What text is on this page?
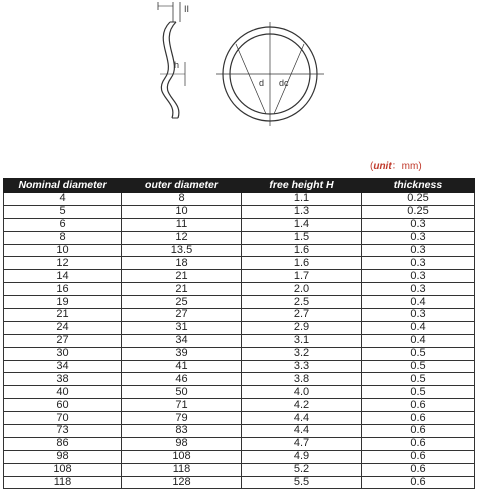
II
h
d dc
(unit：mm)
Nominal diameter	outer diameter	free height H	thickness
4	8	1.1	0.25
5	10	1.3	0.25
6	11	1.4	0.3
8	12	1.5	0.3
10	13.5	1.6	0.3
12	18	1.6	0.3
14	21	1.7	0.3
16	21	2.0	0.3
19	25	2.5	0.4
21	27	2.7	0.3
24	31	2.9	0.4
27	34	3.1	0.4
30	39	3.2	0.5
34	41	3.3	0.5
38	46	3.8	0.5
40	50	4.0	0.5
60	71	4.2	0.6
70	79	4.4	0.6
73	83	4.4	0.6
86	98	4.7	0.6
98	108	4.9	0.6
108	118	5.2	0.6
118	128	5.5	0.6
